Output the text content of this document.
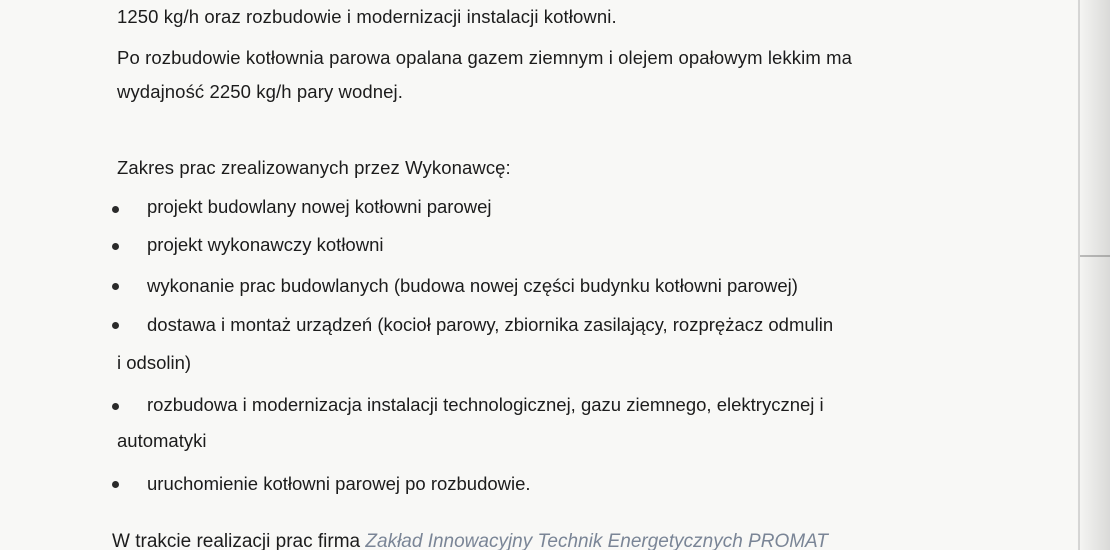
1250 kg/h oraz rozbudowie i modernizacji instalacji kotłowni.
Po rozbudowie kotłownia parowa opalana gazem ziemnym i olejem opałowym lekkim ma
wydajność 2250 kg/h pary wodnej.
Zakres prac zrealizowanych przez Wykonawcę:
projekt budowlany nowej kotłowni parowej
projekt wykonawczy kotłowni
wykonanie prac budowlanych (budowa nowej części budynku kotłowni parowej)
dostawa i montaż urządzeń (kocioł parowy, zbiornika zasilający, rozprężacz odmulin
i odsolin)
rozbudowa i modernizacja instalacji technologicznej, gazu ziemnego, elektrycznej i
automatyki
uruchomienie kotłowni parowej po rozbudowie.
W trakcie realizacji prac firma Zakład Innowacyjny Technik Energetycznych PROMAT
